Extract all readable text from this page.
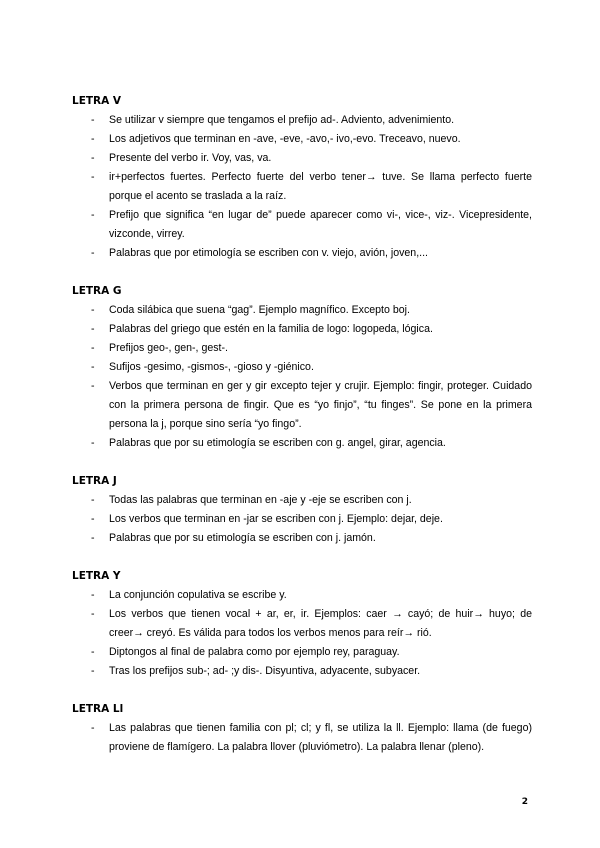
LETRA V
- Se utilizar v siempre que tengamos el prefijo ad-. Adviento, advenimiento.
- Los adjetivos que terminan en -ave, -eve, -avo,- ivo,-evo. Treceavo, nuevo.
- Presente del verbo ir. Voy, vas, va.
- ir+perfectos fuertes. Perfecto fuerte del verbo tener→ tuve. Se llama perfecto fuerte porque el acento se traslada a la raíz.
- Prefijo que significa “en lugar de” puede aparecer como vi-, vice-, viz-. Vicepresidente, vizconde, virrey.
- Palabras que por etimología se escriben con v. viejo, avión, joven,...
LETRA G
- Coda silábica que suena “gag”. Ejemplo magnífico. Excepto boj.
- Palabras del griego que estén en la familia de logo: logopeda, lógica.
- Prefijos geo-, gen-, gest-.
- Sufijos -gesimo, -gismos-, -gioso y -giénico.
- Verbos que terminan en ger y gir excepto tejer y crujir. Ejemplo: fingir, proteger. Cuidado con la primera persona de fingir. Que es “yo finjo”, “tu finges”. Se pone en la primera persona la j, porque sino sería “yo fingo”.
- Palabras que por su etimología se escriben con g. angel, girar, agencia.
LETRA J
- Todas las palabras que terminan en -aje y -eje se escriben con j.
- Los verbos que terminan en -jar se escriben con j. Ejemplo: dejar, deje.
- Palabras que por su etimología se escriben con j. jamón.
LETRA Y
- La conjunción copulativa se escribe y.
- Los verbos que tienen vocal + ar, er, ir. Ejemplos: caer → cayó; de huir→ huyo; de creer→ creyó. Es válida para todos los verbos menos para reír→ rió.
- Diptongos al final de palabra como por ejemplo rey, paraguay.
- Tras los prefijos sub-; ad- ;y dis-. Disyuntiva, adyacente, subyacer.
LETRA Ll
- Las palabras que tienen familia con pl; cl; y fl, se utiliza la ll. Ejemplo: llama (de fuego) proviene de flamígero. La palabra llover (pluviómetro). La palabra llenar (pleno).
2
